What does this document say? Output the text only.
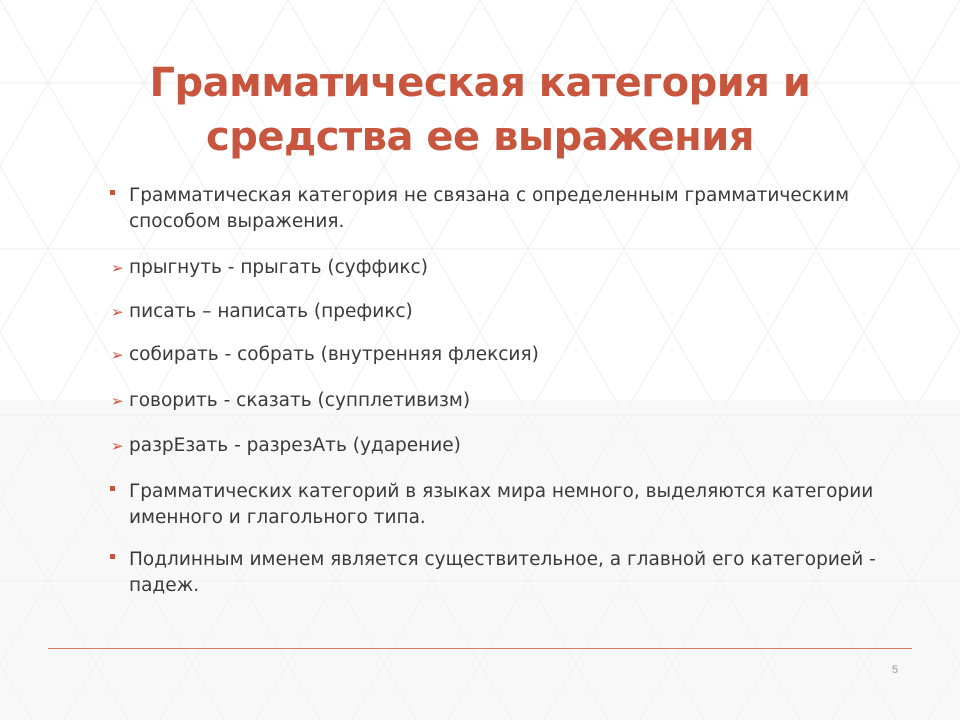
Грамматическая категория и средства ее выражения
Грамматическая категория не связана с определенным грамматическим способом выражения.
➢ прыгнуть - прыгать (суффикс)
➢ писать – написать (префикс)
➢ собирать - собрать (внутренняя флексия)
➢ говорить - сказать (супплетивизм)
➢ разрЕзать - разрезАть (ударение)
Грамматических категорий в языках мира немного, выделяются категории именного и глагольного типа.
Подлинным именем является существительное, а главной его категорией - падеж.
5
